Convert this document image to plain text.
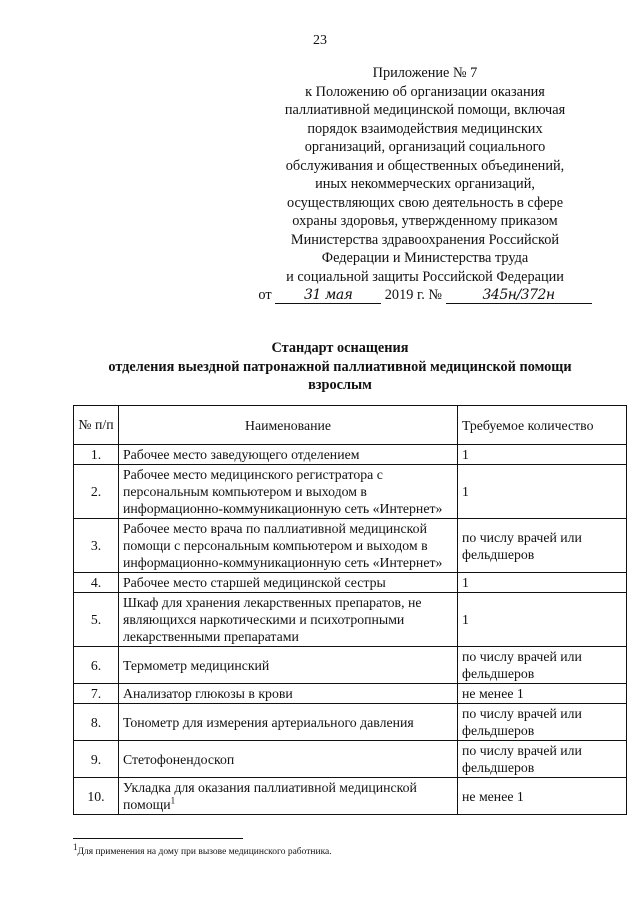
23
Приложение № 7
к Положению об организации оказания
паллиативной медицинской помощи, включая
порядок взаимодействия медицинских
организаций, организаций социального
обслуживания и общественных объединений,
иных некоммерческих организаций,
осуществляющих свою деятельность в сфере
охраны здоровья, утвержденному приказом
Министерства здравоохранения Российской
Федерации и Министерства труда
и социальной защиты Российской Федерации
от 31 мая 2019 г. №	345н/372н
Стандарт оснащения
отделения выездной патронажной паллиативной медицинской помощи
взрослым
№ п/п	Наименование	Требуемое количество
1.	Рабочее место заведующего отделением	1
2.	Рабочее место медицинского регистратора с персональным компьютером и выходом в информационно-коммуникационную сеть «Интернет»	1
3.	Рабочее место врача по паллиативной медицинской помощи с персональным компьютером и выходом в информационно-коммуникационную сеть «Интернет»	по числу врачей или фельдшеров
4.	Рабочее место старшей медицинской сестры	1
5.	Шкаф для хранения лекарственных препаратов, не являющихся наркотическими и психотропными лекарственными препаратами	1
6.	Термометр медицинский	по числу врачей или фельдшеров
7.	Анализатор глюкозы в крови	не менее 1
8.	Тонометр для измерения артериального давления	по числу врачей или фельдшеров
9.	Стетофонендоскоп	по числу врачей или фельдшеров
10.	Укладка для оказания паллиативной медицинской помощи$^1$	не менее 1
$^1$Для применения на дому при вызове медицинского работника.
